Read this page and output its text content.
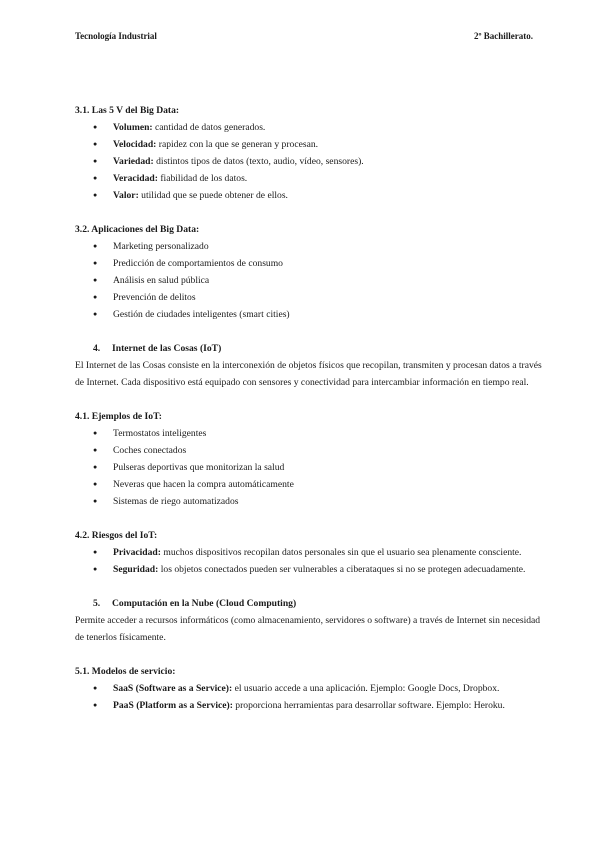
Tecnología Industrial	2º Bachillerato.

3.1. Las 5 V del Big Data:

● Volumen: cantidad de datos generados.
● Velocidad: rapidez con la que se generan y procesan.
● Variedad: distintos tipos de datos (texto, audio, vídeo, sensores).
● Veracidad: fiabilidad de los datos.
● Valor: utilidad que se puede obtener de ellos.

3.2. Aplicaciones del Big Data:

● Marketing personalizado
● Predicción de comportamientos de consumo
● Análisis en salud pública
● Prevención de delitos
● Gestión de ciudades inteligentes (smart cities)

4. Internet de las Cosas (IoT)

El Internet de las Cosas consiste en la interconexión de objetos físicos que recopilan, transmiten y procesan datos a través de Internet. Cada dispositivo está equipado con sensores y conectividad para intercambiar información en tiempo real.

4.1. Ejemplos de IoT:

● Termostatos inteligentes
● Coches conectados
● Pulseras deportivas que monitorizan la salud
● Neveras que hacen la compra automáticamente
● Sistemas de riego automatizados

4.2. Riesgos del IoT:

● Privacidad: muchos dispositivos recopilan datos personales sin que el usuario sea plenamente consciente.
● Seguridad: los objetos conectados pueden ser vulnerables a ciberataques si no se protegen adecuadamente.

5. Computación en la Nube (Cloud Computing)

Permite acceder a recursos informáticos (como almacenamiento, servidores o software) a través de Internet sin necesidad de tenerlos físicamente.

5.1. Modelos de servicio:

● SaaS (Software as a Service): el usuario accede a una aplicación. Ejemplo: Google Docs, Dropbox.
● PaaS (Platform as a Service): proporciona herramientas para desarrollar software. Ejemplo: Heroku.
